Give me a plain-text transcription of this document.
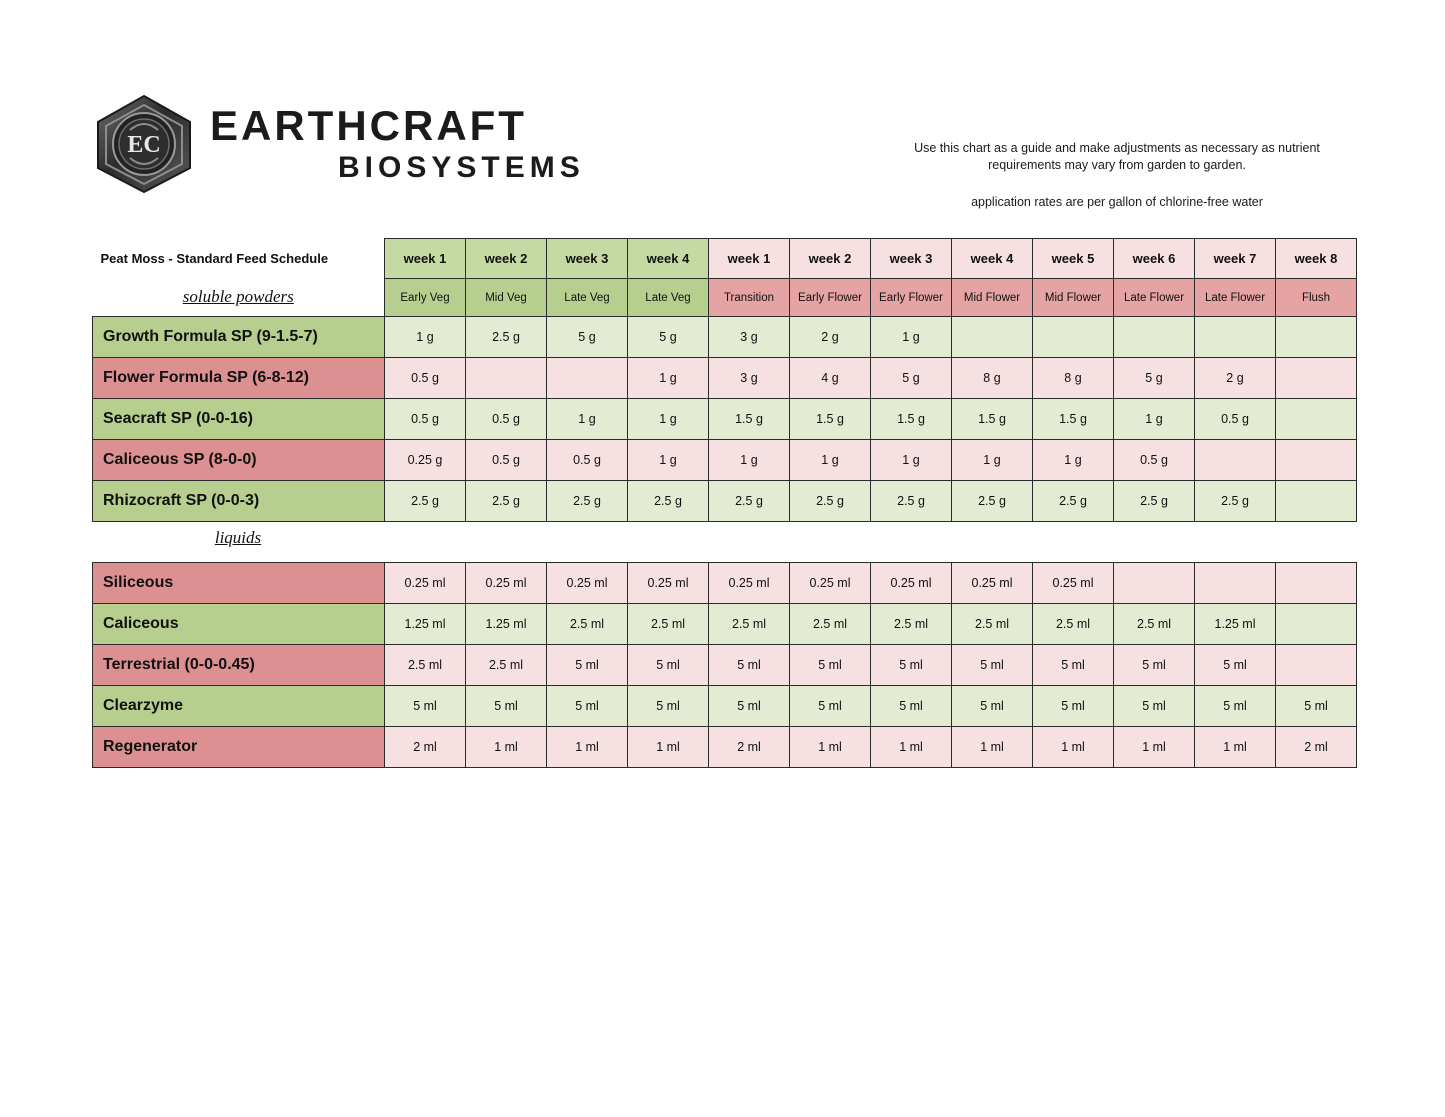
EC EARTHCRAFT
BIOSYSTEMS
Use this chart as a guide and make adjustments as necessary as nutrient requirements may vary from garden to garden.
application rates are per gallon of chlorine-free water
Peat Moss - Standard Feed Schedule	week 1	week 2	week 3	week 4	week 1	week 2	week 3	week 4	week 5	week 6	week 7	week 8
soluble powders	Early Veg	Mid Veg	Late Veg	Late Veg	Transition	Early Flower	Early Flower	Mid Flower	Mid Flower	Late Flower	Late Flower	Flush
Growth Formula SP (9-1.5-7)	1 g	2.5 g	5 g	5 g	3 g	2 g	1 g					
Flower Formula SP (6-8-12)	0.5 g			1 g	3 g	4 g	5 g	8 g	8 g	5 g	2 g	
Seacraft SP (0-0-16)	0.5 g	0.5 g	1 g	1 g	1.5 g	1.5 g	1.5 g	1.5 g	1.5 g	1 g	0.5 g	
Caliceous SP (8-0-0)	0.25 g	0.5 g	0.5 g	1 g	1 g	1 g	1 g	1 g	1 g	0.5 g		
Rhizocraft SP (0-0-3)	2.5 g	2.5 g	2.5 g	2.5 g	2.5 g	2.5 g	2.5 g	2.5 g	2.5 g	2.5 g	2.5 g	
liquids
Siliceous	0.25 ml	0.25 ml	0.25 ml	0.25 ml	0.25 ml	0.25 ml	0.25 ml	0.25 ml	0.25 ml			
Caliceous	1.25 ml	1.25 ml	2.5 ml	2.5 ml	2.5 ml	2.5 ml	2.5 ml	2.5 ml	2.5 ml	2.5 ml	1.25 ml	
Terrestrial (0-0-0.45)	2.5 ml	2.5 ml	5 ml	5 ml	5 ml	5 ml	5 ml	5 ml	5 ml	5 ml	5 ml	
Clearzyme	5 ml	5 ml	5 ml	5 ml	5 ml	5 ml	5 ml	5 ml	5 ml	5 ml	5 ml	5 ml
Regenerator	2 ml	1 ml	1 ml	1 ml	2 ml	1 ml	1 ml	1 ml	1 ml	1 ml	1 ml	2 ml
